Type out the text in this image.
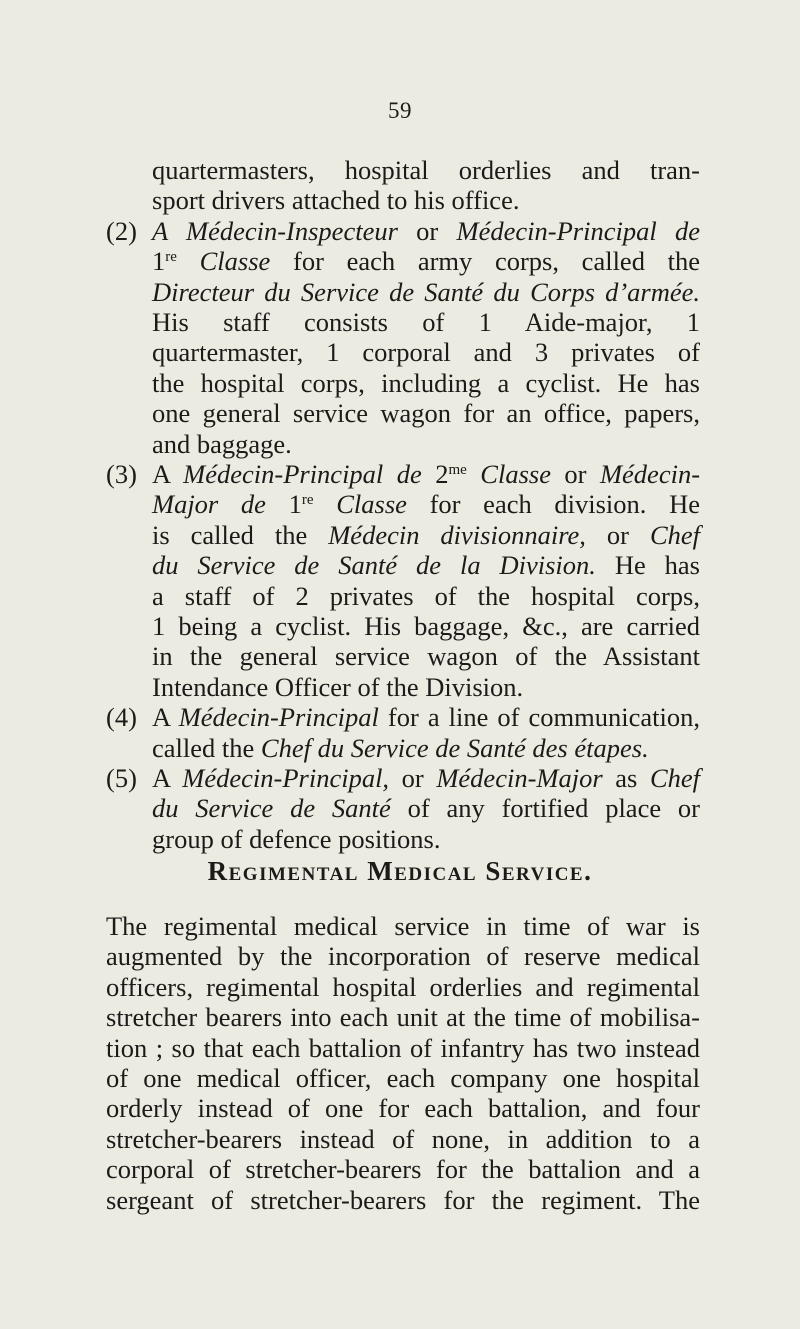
59
quartermasters, hospital orderlies and tran-
sport drivers attached to his office.
(2) A Médecin-Inspecteur or Médecin-Principal de
1re Classe for each army corps, called the
Directeur du Service de Santé du Corps d’armée.
His staff consists of 1 Aide-major, 1
quartermaster, 1 corporal and 3 privates of
the hospital corps, including a cyclist. He has
one general service wagon for an office, papers,
and baggage.
(3) A Médecin-Principal de $2^{me}$ Classe or Médecin-
Major de 1re Classe for each division. He
is called the Médecin divisionnaire, or Chef
du Service de Santé de la Division. He has
a staff of 2 privates of the hospital corps,
1 being a cyclist. His baggage, &c., are carried
in the general service wagon of the Assistant
Intendance Officer of the Division.
(4) A Médecin-Principal for a line of communication,
called the Chef du Service de Santé des étapes.
(5) A Médecin-Principal, or Médecin-Major as Chef
du Service de Santé of any fortified place or
group of defence positions.
The regimental medical service in time of war is
augmented by the incorporation of reserve medical
officers, regimental hospital orderlies and regimental
stretcher bearers into each unit at the time of mobilisa-
tion ; so that each battalion of infantry has two instead
of one medical officer, each company one hospital
orderly instead of one for each battalion, and four
stretcher-bearers instead of none, in addition to a
corporal of stretcher-bearers for the battalion and a
sergeant of stretcher-bearers for the regiment. The
Regimental Medical Service.
